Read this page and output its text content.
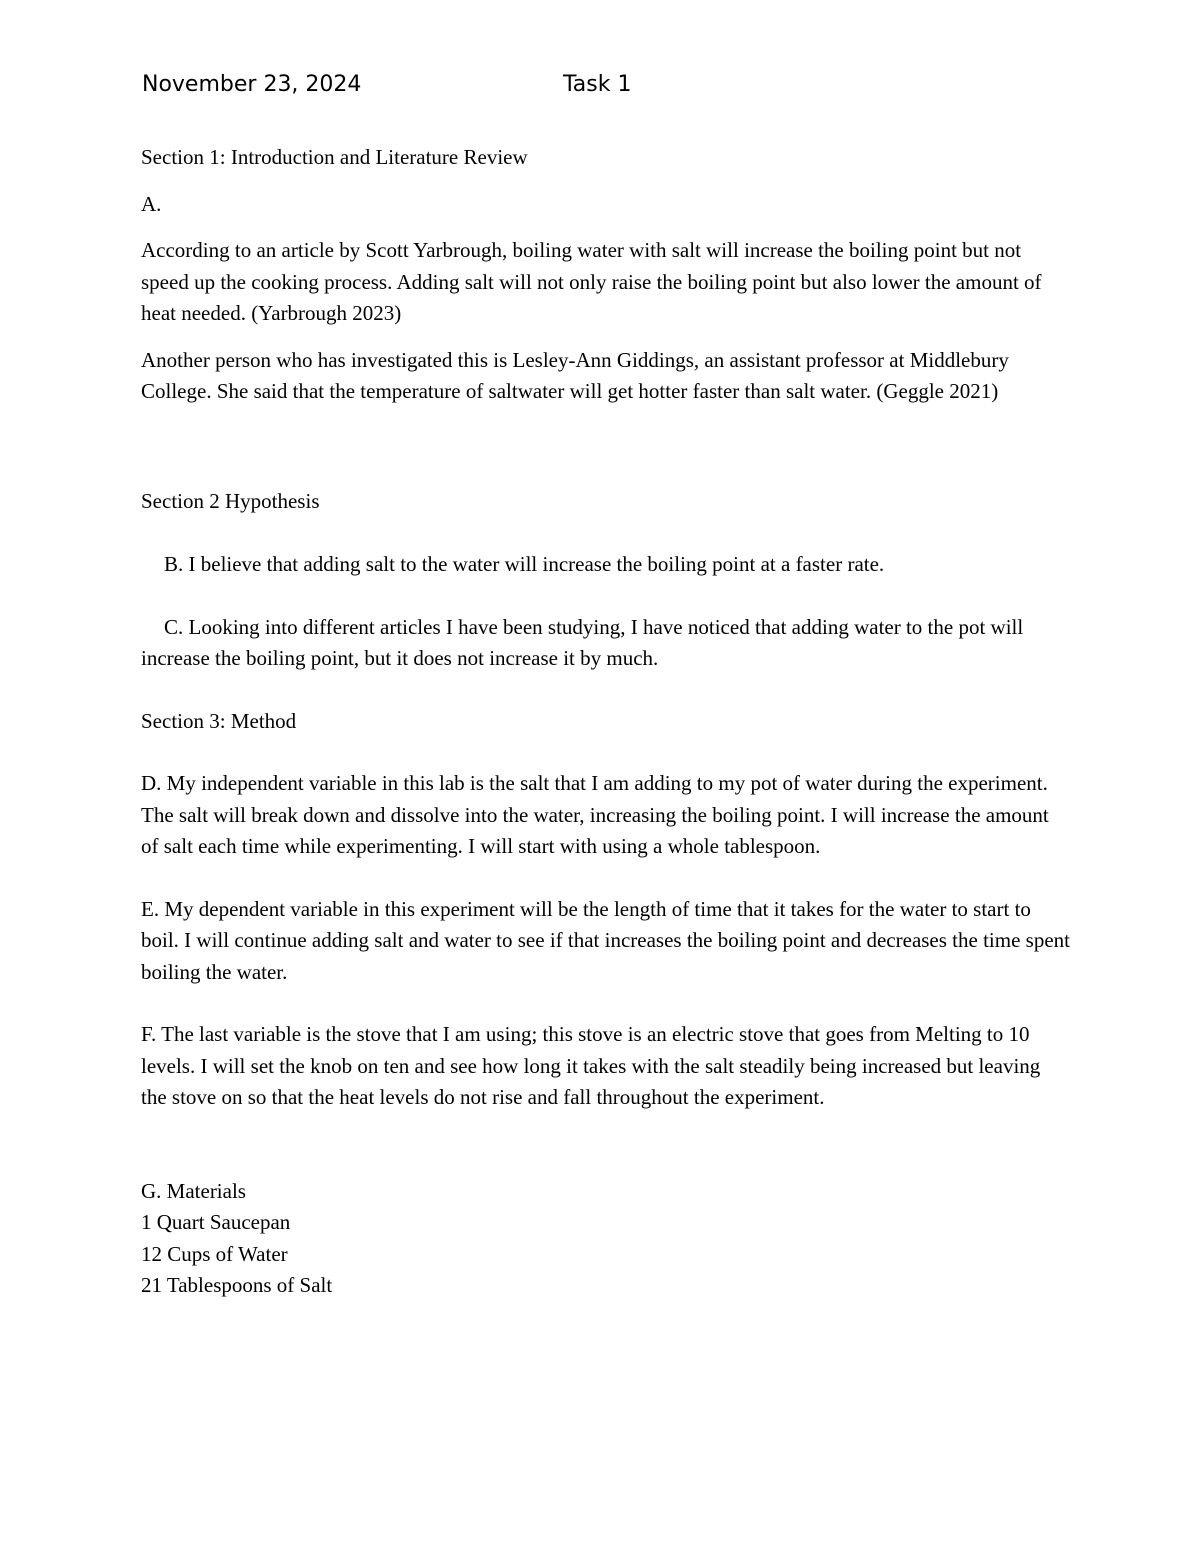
November 23, 2024	Task 1

Section 1: Introduction and Literature Review

A.

According to an article by Scott Yarbrough, boiling water with salt will increase the boiling point but not speed up the cooking process. Adding salt will not only raise the boiling point but also lower the amount of heat needed. (Yarbrough 2023)

Another person who has investigated this is Lesley-Ann Giddings, an assistant professor at Middlebury College. She said that the temperature of saltwater will get hotter faster than salt water. (Geggle 2021)

Section 2 Hypothesis

B. I believe that adding salt to the water will increase the boiling point at a faster rate.

C. Looking into different articles I have been studying, I have noticed that adding water to the pot will increase the boiling point, but it does not increase it by much.

Section 3: Method

D. My independent variable in this lab is the salt that I am adding to my pot of water during the experiment. The salt will break down and dissolve into the water, increasing the boiling point. I will increase the amount of salt each time while experimenting. I will start with using a whole tablespoon.

E. My dependent variable in this experiment will be the length of time that it takes for the water to start to boil. I will continue adding salt and water to see if that increases the boiling point and decreases the time spent boiling the water.

F. The last variable is the stove that I am using; this stove is an electric stove that goes from Melting to 10 levels. I will set the knob on ten and see how long it takes with the salt steadily being increased but leaving the stove on so that the heat levels do not rise and fall throughout the experiment.

G. Materials
1 Quart Saucepan
12 Cups of Water
21 Tablespoons of Salt
